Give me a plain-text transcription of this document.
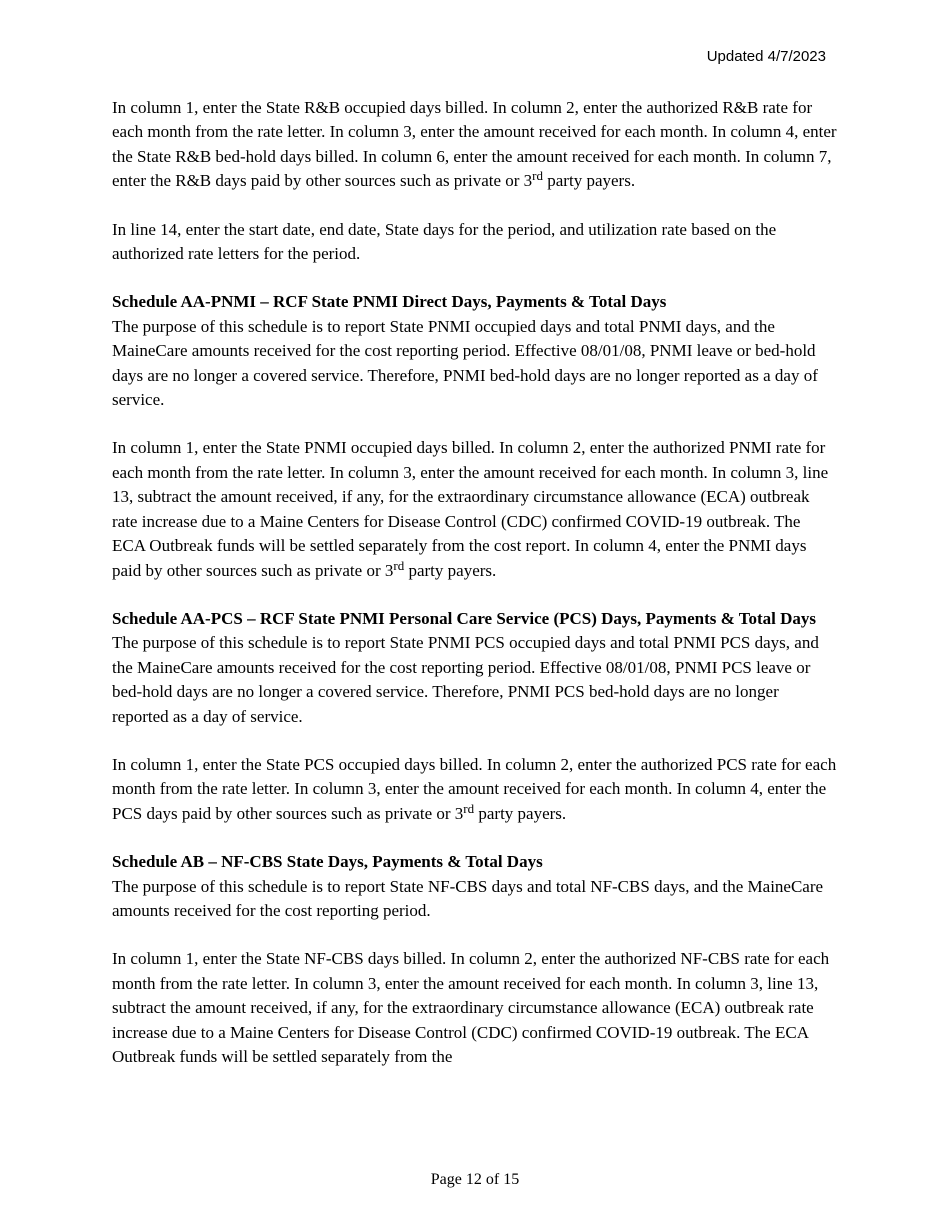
Updated 4/7/2023

In column 1, enter the State R&B occupied days billed. In column 2, enter the authorized R&B rate for each month from the rate letter. In column 3, enter the amount received for each month. In column 4, enter the State R&B bed-hold days billed. In column 6, enter the amount received for each month. In column 7, enter the R&B days paid by other sources such as private or 3rd party payers.

In line 14, enter the start date, end date, State days for the period, and utilization rate based on the authorized rate letters for the period.

Schedule AA-PNMI – RCF State PNMI Direct Days, Payments & Total Days

The purpose of this schedule is to report State PNMI occupied days and total PNMI days, and the MaineCare amounts received for the cost reporting period. Effective 08/01/08, PNMI leave or bed-hold days are no longer a covered service. Therefore, PNMI bed-hold days are no longer reported as a day of service.

In column 1, enter the State PNMI occupied days billed. In column 2, enter the authorized PNMI rate for each month from the rate letter. In column 3, enter the amount received for each month. In column 3, line 13, subtract the amount received, if any, for the extraordinary circumstance allowance (ECA) outbreak rate increase due to a Maine Centers for Disease Control (CDC) confirmed COVID-19 outbreak. The ECA Outbreak funds will be settled separately from the cost report. In column 4, enter the PNMI days paid by other sources such as private or 3rd party payers.

Schedule AA-PCS – RCF State PNMI Personal Care Service (PCS) Days, Payments & Total Days

The purpose of this schedule is to report State PNMI PCS occupied days and total PNMI PCS days, and the MaineCare amounts received for the cost reporting period. Effective 08/01/08, PNMI PCS leave or bed-hold days are no longer a covered service. Therefore, PNMI PCS bed-hold days are no longer reported as a day of service.

In column 1, enter the State PCS occupied days billed. In column 2, enter the authorized PCS rate for each month from the rate letter. In column 3, enter the amount received for each month. In column 4, enter the PCS days paid by other sources such as private or 3rd party payers.

Schedule AB – NF-CBS State Days, Payments & Total Days

The purpose of this schedule is to report State NF-CBS days and total NF-CBS days, and the MaineCare amounts received for the cost reporting period.

In column 1, enter the State NF-CBS days billed. In column 2, enter the authorized NF-CBS rate for each month from the rate letter. In column 3, enter the amount received for each month. In column 3, line 13, subtract the amount received, if any, for the extraordinary circumstance allowance (ECA) outbreak rate increase due to a Maine Centers for Disease Control (CDC) confirmed COVID-19 outbreak. The ECA Outbreak funds will be settled separately from the

Page 12 of 15
